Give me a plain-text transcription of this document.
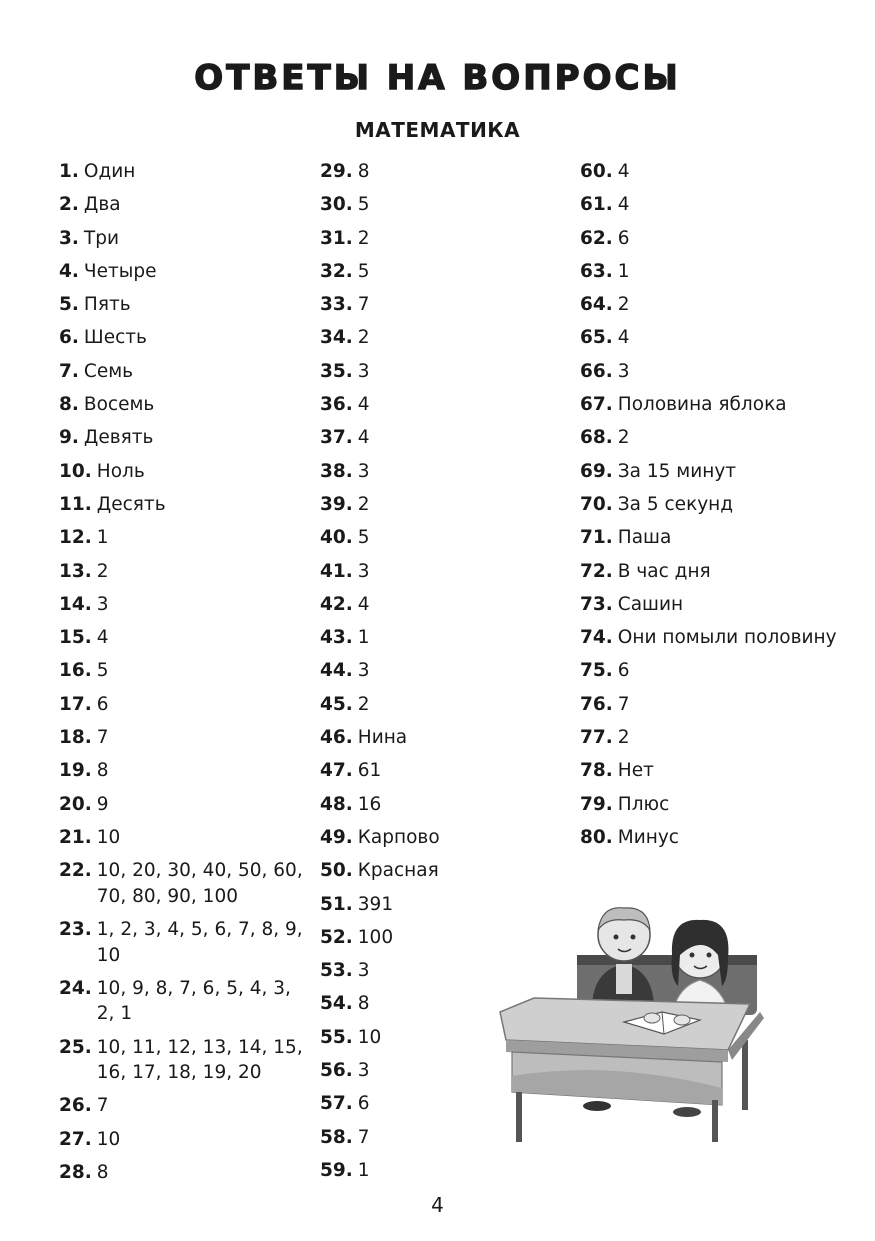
ОТВЕТЫ НА ВОПРОСЫ
МАТЕМАТИКА
1. Один
2. Два
3. Три
4. Четыре
5. Пять
6. Шесть
7. Семь
8. Восемь
9. Девять
10. Ноль
11. Десять
12. 1
13. 2
14. 3
15. 4
16. 5
17. 6
18. 7
19. 8
20. 9
21. 10
22. 10, 20, 30, 40, 50, 60, 70, 80, 90, 100
23. 1, 2, 3, 4, 5, 6, 7, 8, 9, 10
24. 10, 9, 8, 7, 6, 5, 4, 3, 2, 1
25. 10, 11, 12, 13, 14, 15, 16, 17, 18, 19, 20
26. 7
27. 10
28. 8
29. 8
30. 5
31. 2
32. 5
33. 7
34. 2
35. 3
36. 4
37. 4
38. 3
39. 2
40. 5
41. 3
42. 4
43. 1
44. 3
45. 2
46. Нина
47. 61
48. 16
49. Карпово
50. Красная
51. 391
52. 100
53. 3
54. 8
55. 10
56. 3
57. 6
58. 7
59. 1
60. 4
61. 4
62. 6
63. 1
64. 2
65. 4
66. 3
67. Половина яблока
68. 2
69. За 15 минут
70. За 5 секунд
71. Паша
72. В час дня
73. Сашин
74. Они помыли половину
75. 6
76. 7
77. 2
78. Нет
79. Плюс
80. Минус
4
